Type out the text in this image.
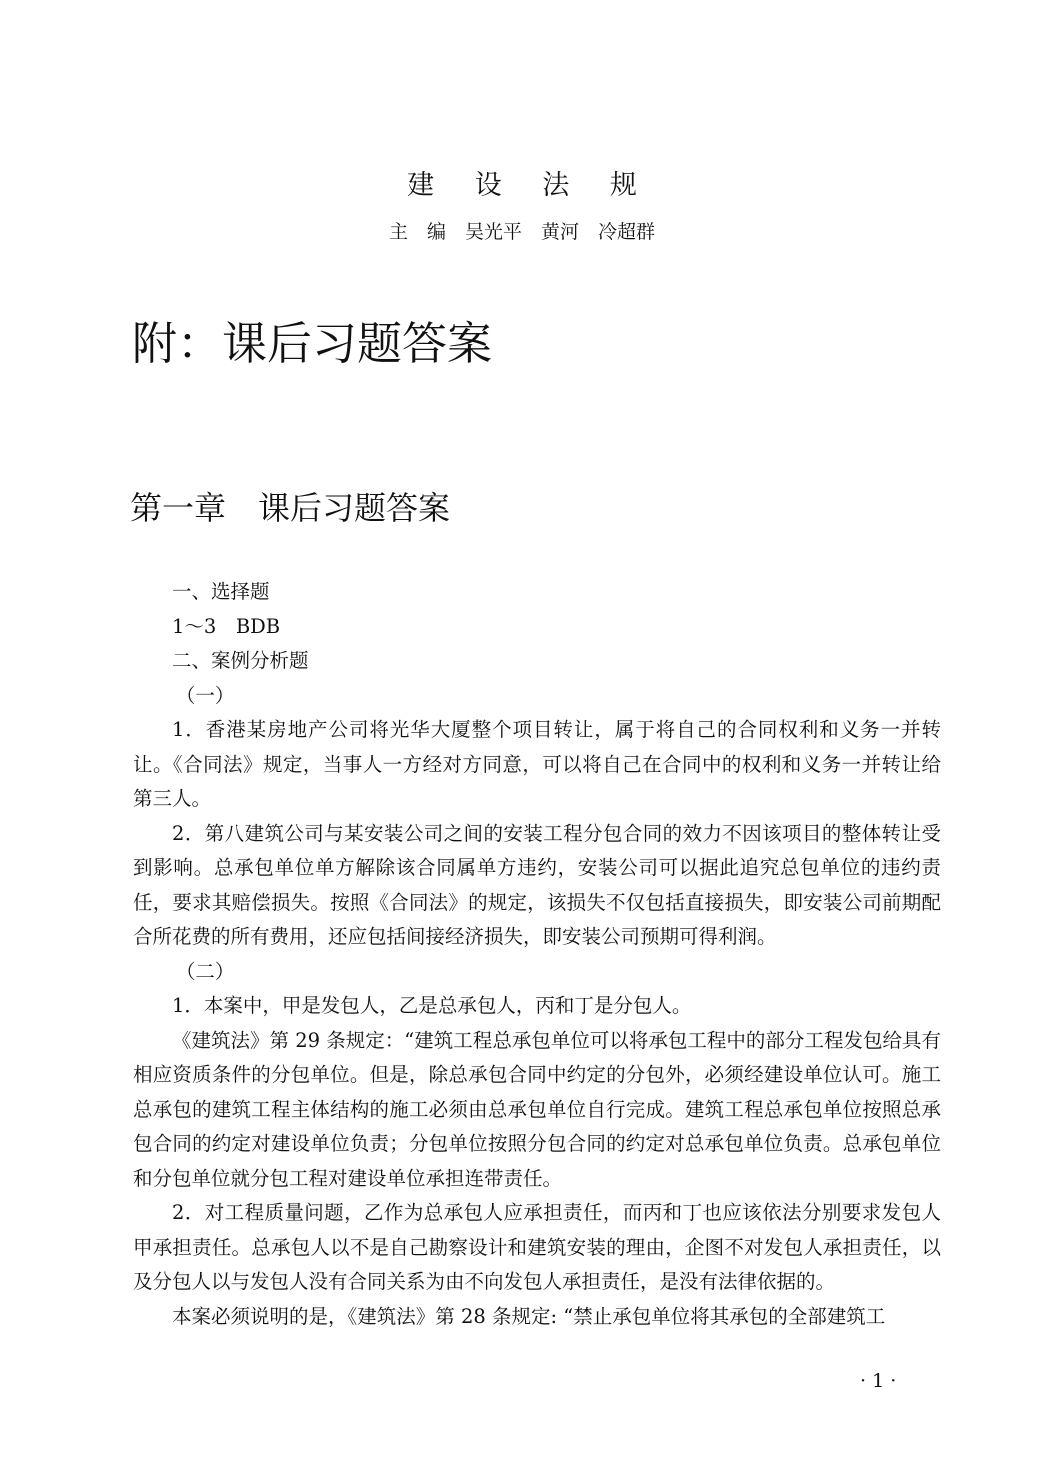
建 设 法 规
主　编　吴光平　黄河　冷超群
附：课后习题答案
第一章　课后习题答案

一、选择题

1～3　BDB

二、案例分析题

（一）

1．香港某房地产公司将光华大厦整个项目转让，属于将自己的合同权利和义务一并转让。《合同法》规定，当事人一方经对方同意，可以将自己在合同中的权利和义务一并转让给第三人。

2．第八建筑公司与某安装公司之间的安装工程分包合同的效力不因该项目的整体转让受到影响。总承包单位单方解除该合同属单方违约，安装公司可以据此追究总包单位的违约责任，要求其赔偿损失。按照《合同法》的规定，该损失不仅包括直接损失，即安装公司前期配合所花费的所有费用，还应包括间接经济损失，即安装公司预期可得利润。

（二）

1．本案中，甲是发包人，乙是总承包人，丙和丁是分包人。

《建筑法》第 29 条规定：“建筑工程总承包单位可以将承包工程中的部分工程发包给具有相应资质条件的分包单位。但是，除总承包合同中约定的分包外，必须经建设单位认可。施工总承包的建筑工程主体结构的施工必须由总承包单位自行完成。建筑工程总承包单位按照总承包合同的约定对建设单位负责；分包单位按照分包合同的约定对总承包单位负责。总承包单位和分包单位就分包工程对建设单位承担连带责任。

2．对工程质量问题，乙作为总承包人应承担责任，而丙和丁也应该依法分别要求发包人甲承担责任。总承包人以不是自己勘察设计和建筑安装的理由，企图不对发包人承担责任，以及分包人以与发包人没有合同关系为由不向发包人承担责任，是没有法律依据的。

本案必须说明的是，《建筑法》第 28 条规定: “禁止承包单位将其承包的全部建筑工

· 1 ·
